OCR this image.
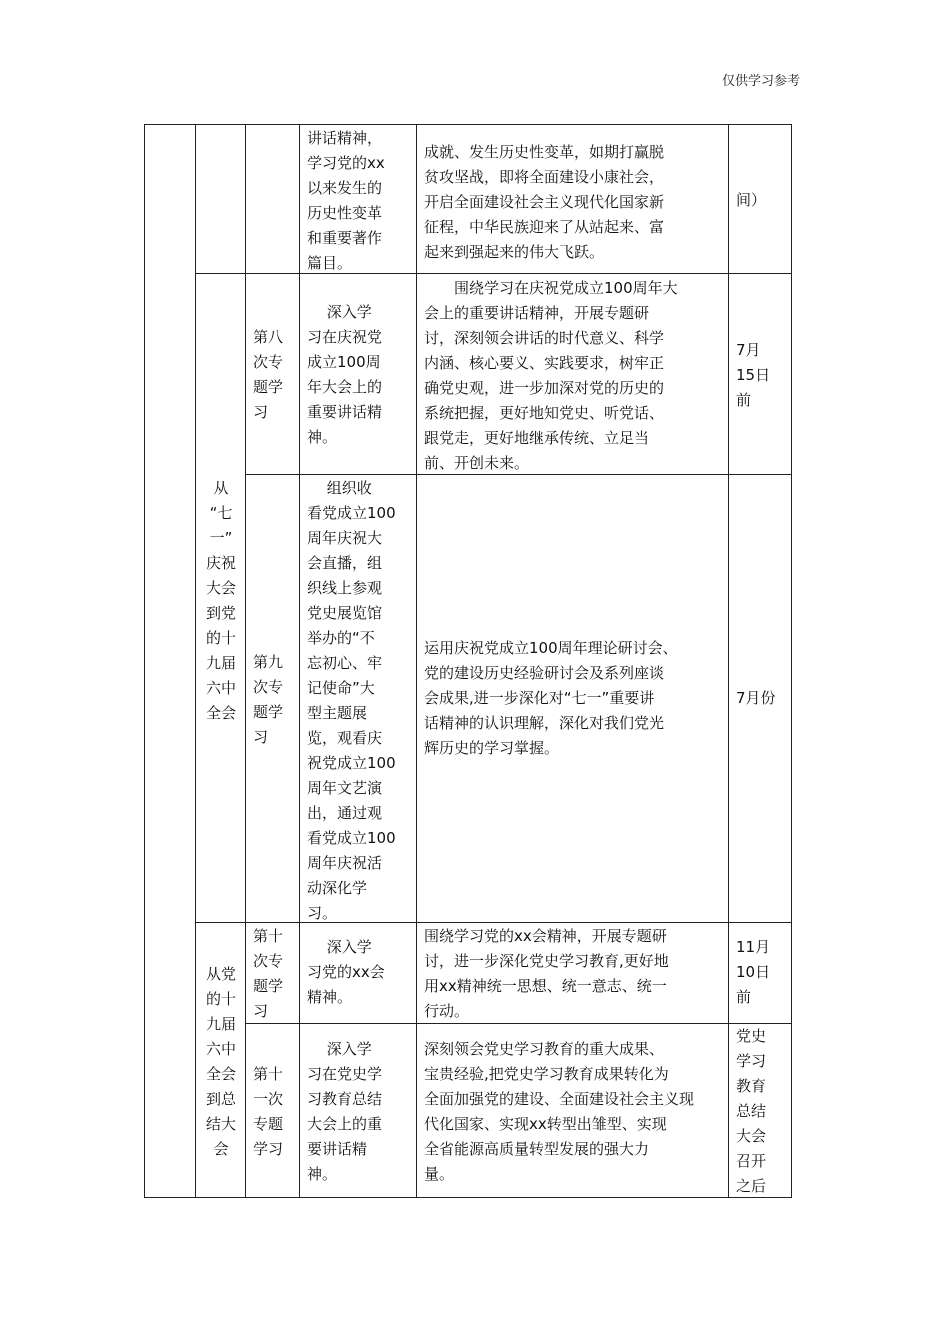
仅供学习参考
讲话精神，
学习党的xx
以来发生的
历史性变革
和重要著作
篇目。
成就、发生历史性变革，如期打赢脱
贫攻坚战，即将全面建设小康社会，
开启全面建设社会主义现代化国家新
征程，中华民族迎来了从站起来、富
起来到强起来的伟大飞跃。
间）
第八
次专
题学
习
　 深入学
习在庆祝党
成立100周
年大会上的
重要讲话精
神。
　　围绕学习在庆祝党成立100周年大
会上的重要讲话精神，开展专题研
讨，深刻领会讲话的时代意义、科学
内涵、核心要义、实践要求，树牢正
确党史观，进一步加深对党的历史的
系统把握，更好地知党史、听党话、
跟党走，更好地继承传统、立足当
前、开创未来。
7月
15日
前
从
“七
一”
庆祝
大会
到党
的十
九届
六中
全会
第九
次专
题学
习
　 组织收
看党成立100
周年庆祝大
会直播，组
织线上参观
党史展览馆
举办的“不
忘初心、牢
记使命”大
型主题展
览，观看庆
祝党成立100
周年文艺演
出，通过观
看党成立100
周年庆祝活
动深化学
习。
运用庆祝党成立100周年理论研讨会、
党的建设历史经验研讨会及系列座谈
会成果,进一步深化对“七一”重要讲
话精神的认识理解，深化对我们党光
辉历史的学习掌握。
7月份
从党
的十
九届
六中
全会
到总
结大
会
第十
次专
题学
习
　 深入学
习党的xx会
精神。
围绕学习党的xx会精神，开展专题研
讨，进一步深化党史学习教育,更好地
用xx精神统一思想、统一意志、统一
行动。
11月
10日
前
第十
一次
专题
学习
　 深入学
习在党史学
习教育总结
大会上的重
要讲话精
神。
深刻领会党史学习教育的重大成果、
宝贵经验,把党史学习教育成果转化为
全面加强党的建设、全面建设社会主义现
代化国家、实现xx转型出雏型、实现
全省能源高质量转型发展的强大力
量。
党史
学习
教育
总结
大会
召开
之后
